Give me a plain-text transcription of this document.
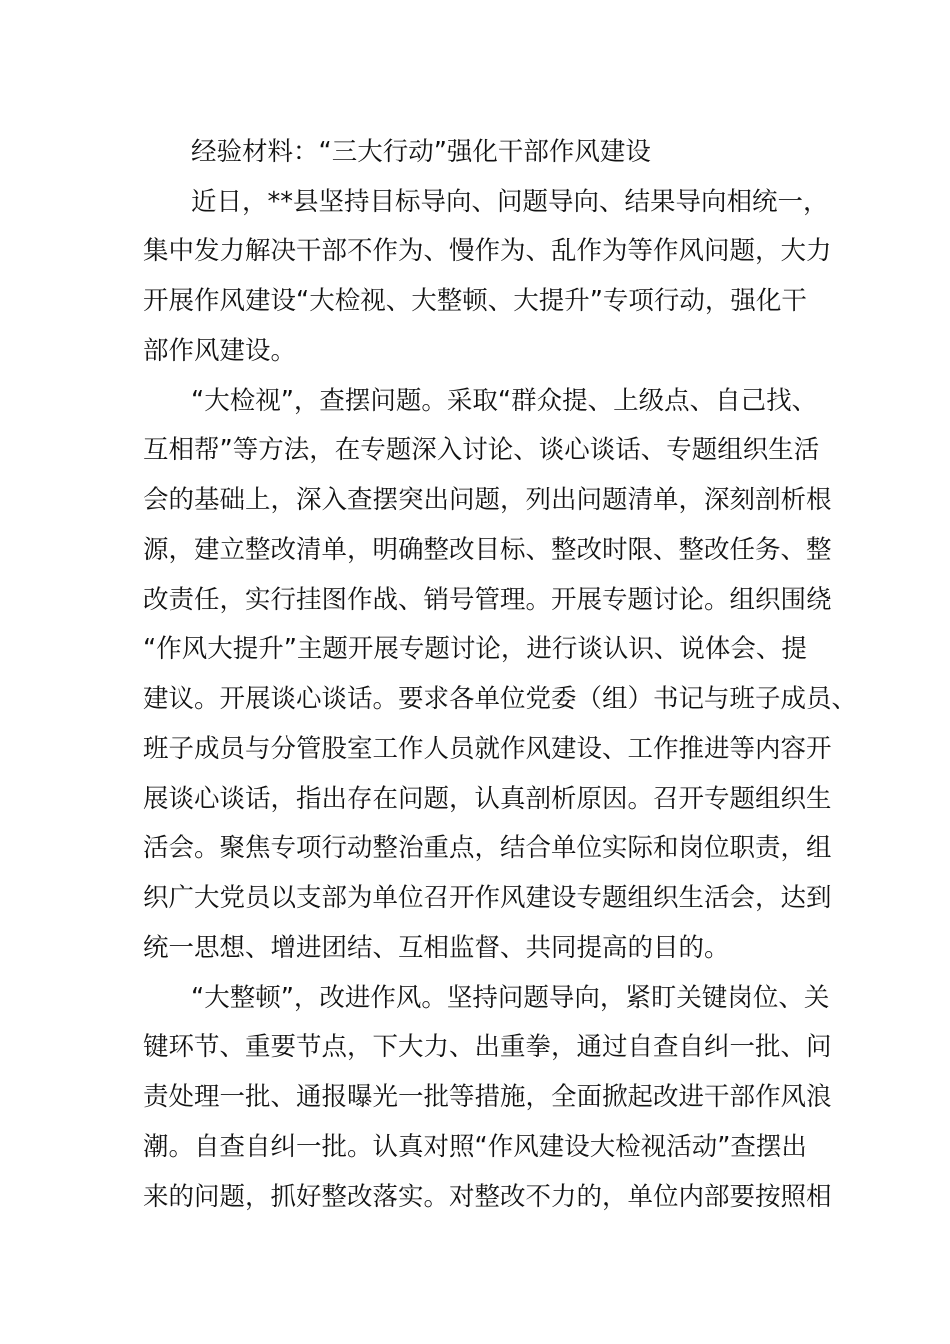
经验材料：“三大行动”强化干部作风建设
近日，**县坚持目标导向、问题导向、结果导向相统一，
集中发力解决干部不作为、慢作为、乱作为等作风问题，大力
开展作风建设“大检视、大整顿、大提升”专项行动，强化干
部作风建设。
“大检视”，查摆问题。采取“群众提、上级点、自己找、
互相帮”等方法，在专题深入讨论、谈心谈话、专题组织生活
会的基础上，深入查摆突出问题，列出问题清单，深刻剖析根
源，建立整改清单，明确整改目标、整改时限、整改任务、整
改责任，实行挂图作战、销号管理。开展专题讨论。组织围绕
“作风大提升”主题开展专题讨论，进行谈认识、说体会、提
建议。开展谈心谈话。要求各单位党委（组）书记与班子成员、
班子成员与分管股室工作人员就作风建设、工作推进等内容开
展谈心谈话，指出存在问题，认真剖析原因。召开专题组织生
活会。聚焦专项行动整治重点，结合单位实际和岗位职责，组
织广大党员以支部为单位召开作风建设专题组织生活会，达到
统一思想、增进团结、互相监督、共同提高的目的。
“大整顿”，改进作风。坚持问题导向，紧盯关键岗位、关
键环节、重要节点，下大力、出重拳，通过自查自纠一批、问
责处理一批、通报曝光一批等措施，全面掀起改进干部作风浪
潮。自查自纠一批。认真对照“作风建设大检视活动”查摆出
来的问题，抓好整改落实。对整改不力的，单位内部要按照相
